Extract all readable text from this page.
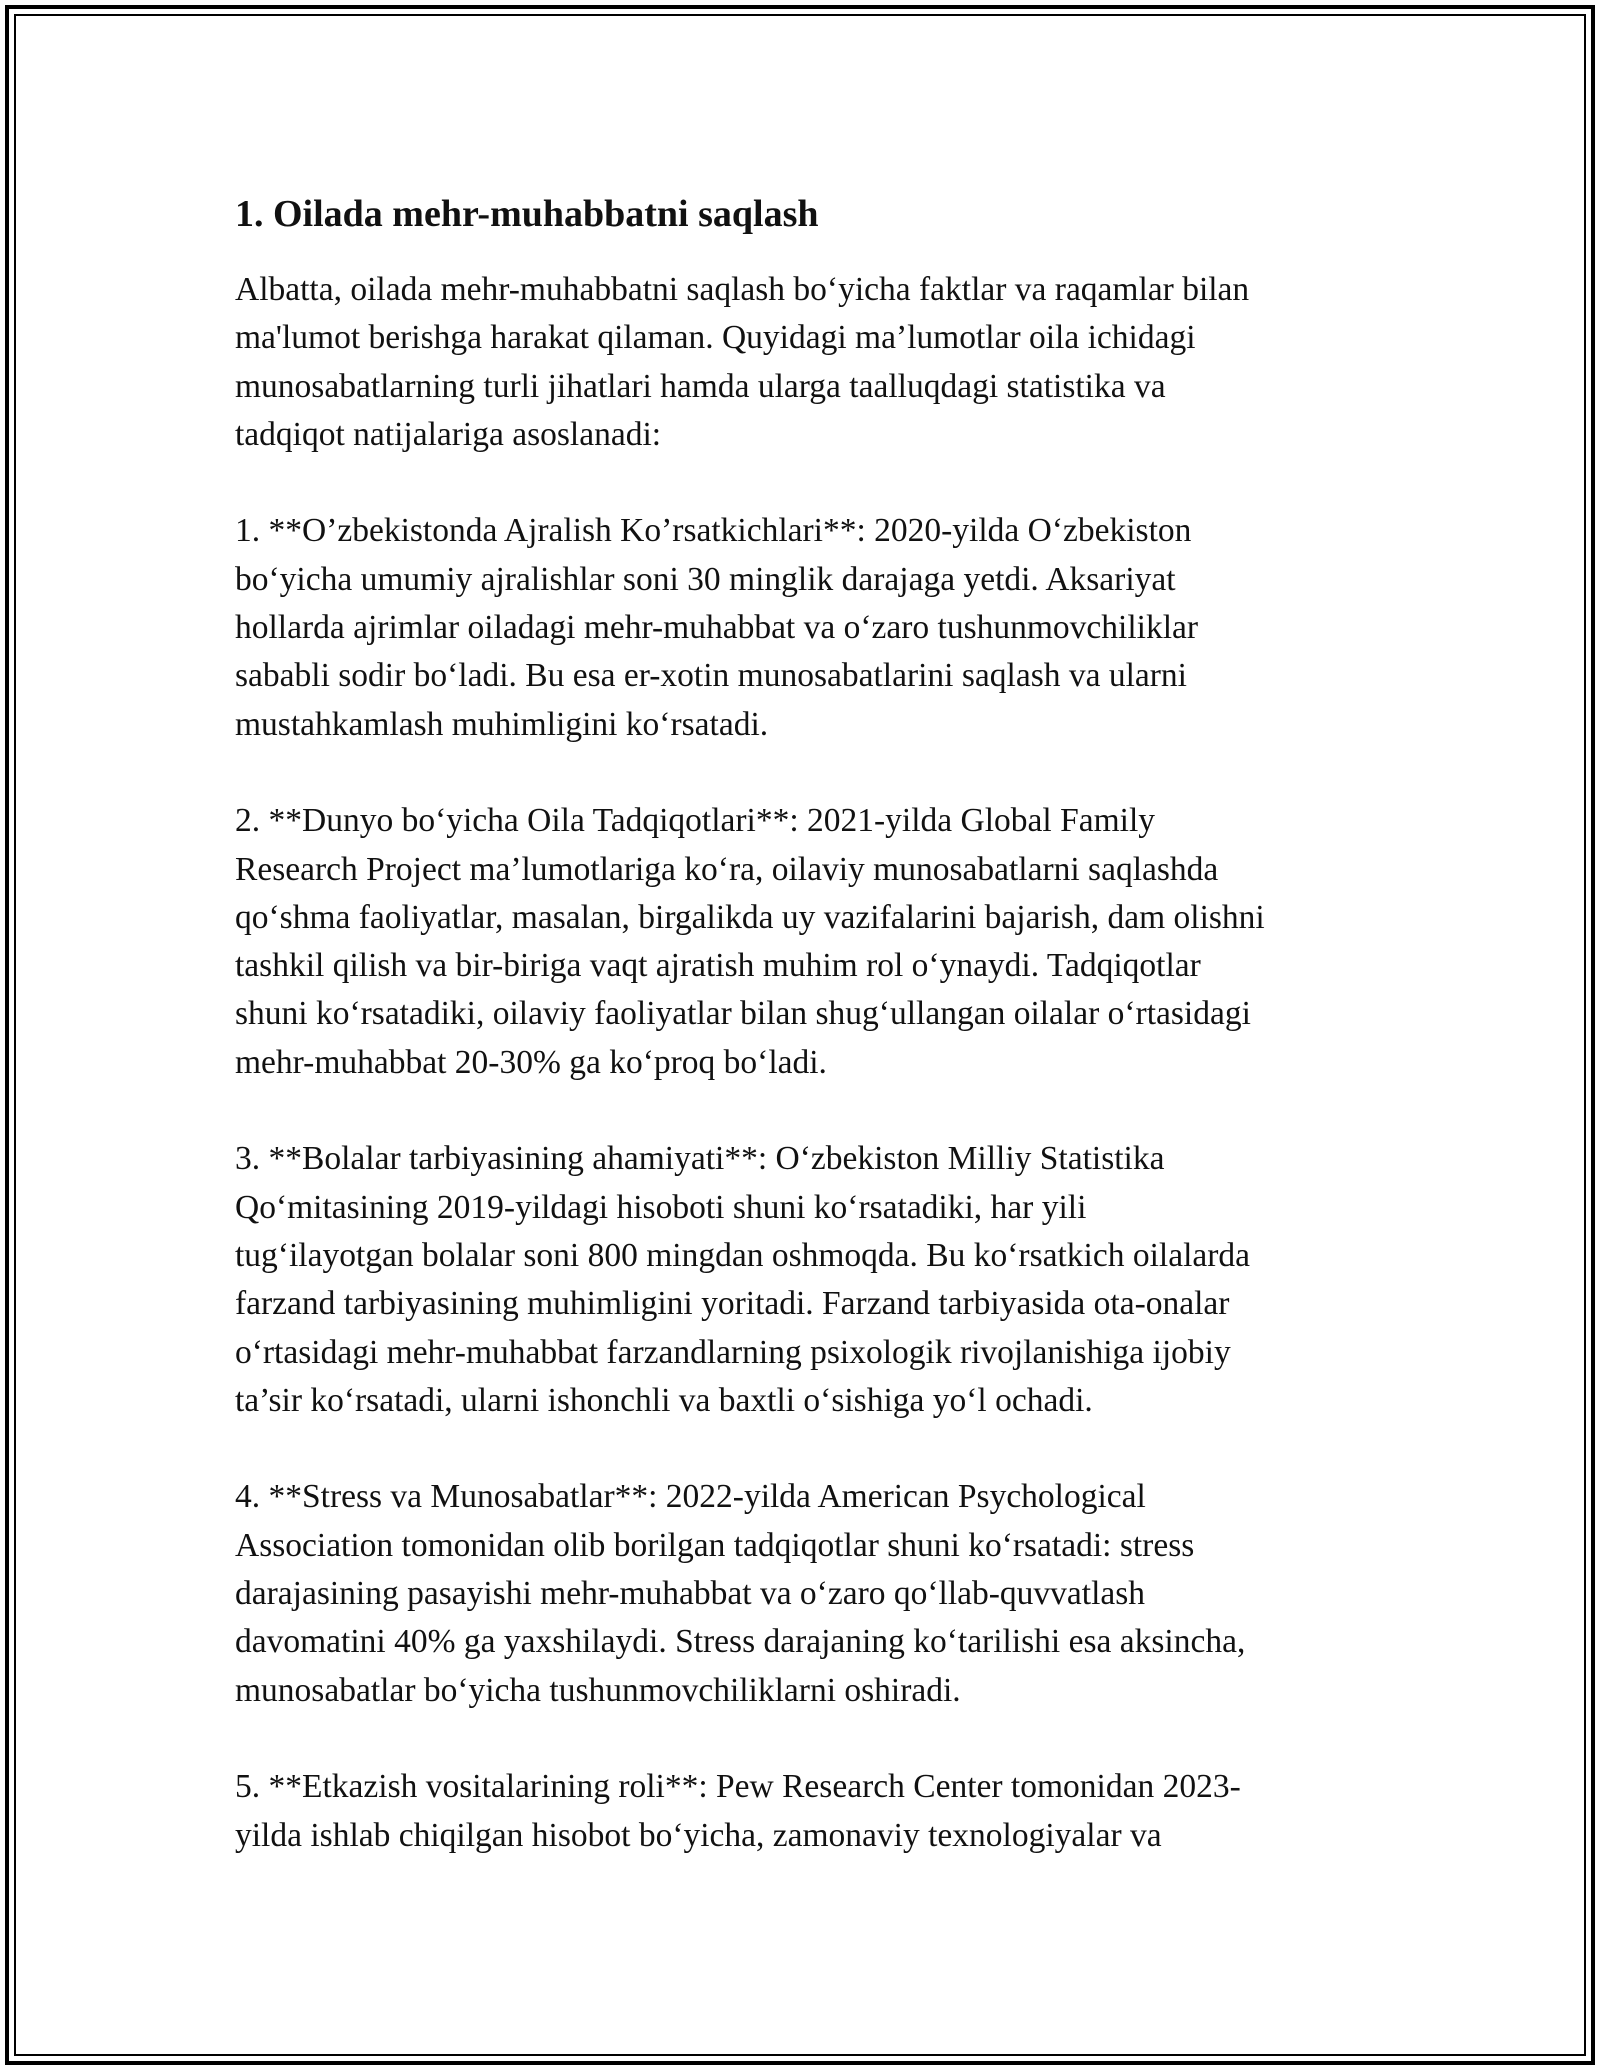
1. Oilada mehr-muhabbatni saqlash

Albatta, oilada mehr-muhabbatni saqlash bo‘yicha faktlar va raqamlar bilan
ma'lumot berishga harakat qilaman. Quyidagi ma’lumotlar oila ichidagi
munosabatlarning turli jihatlari hamda ularga taalluqdagi statistika va
tadqiqot natijalariga asoslanadi:

1. **O’zbekistonda Ajralish Ko’rsatkichlari**: 2020-yilda O‘zbekiston
bo‘yicha umumiy ajralishlar soni 30 minglik darajaga yetdi. Aksariyat
hollarda ajrimlar oiladagi mehr-muhabbat va o‘zaro tushunmovchiliklar
sababli sodir bo‘ladi. Bu esa er-xotin munosabatlarini saqlash va ularni
mustahkamlash muhimligini ko‘rsatadi.

2. **Dunyo bo‘yicha Oila Tadqiqotlari**: 2021-yilda Global Family
Research Project ma’lumotlariga ko‘ra, oilaviy munosabatlarni saqlashda
qo‘shma faoliyatlar, masalan, birgalikda uy vazifalarini bajarish, dam olishni
tashkil qilish va bir-biriga vaqt ajratish muhim rol o‘ynaydi. Tadqiqotlar
shuni ko‘rsatadiki, oilaviy faoliyatlar bilan shug‘ullangan oilalar o‘rtasidagi
mehr-muhabbat 20-30% ga ko‘proq bo‘ladi.

3. **Bolalar tarbiyasining ahamiyati**: O‘zbekiston Milliy Statistika
Qo‘mitasining 2019-yildagi hisoboti shuni ko‘rsatadiki, har yili
tug‘ilayotgan bolalar soni 800 mingdan oshmoqda. Bu ko‘rsatkich oilalarda
farzand tarbiyasining muhimligini yoritadi. Farzand tarbiyasida ota-onalar
o‘rtasidagi mehr-muhabbat farzandlarning psixologik rivojlanishiga ijobiy
ta’sir ko‘rsatadi, ularni ishonchli va baxtli o‘sishiga yo‘l ochadi.

4. **Stress va Munosabatlar**: 2022-yilda American Psychological
Association tomonidan olib borilgan tadqiqotlar shuni ko‘rsatadi: stress
darajasining pasayishi mehr-muhabbat va o‘zaro qo‘llab-quvvatlash
davomatini 40% ga yaxshilaydi. Stress darajaning ko‘tarilishi esa aksincha,
munosabatlar bo‘yicha tushunmovchiliklarni oshiradi.

5. **Etkazish vositalarining roli**: Pew Research Center tomonidan 2023-
yilda ishlab chiqilgan hisobot bo‘yicha, zamonaviy texnologiyalar va
